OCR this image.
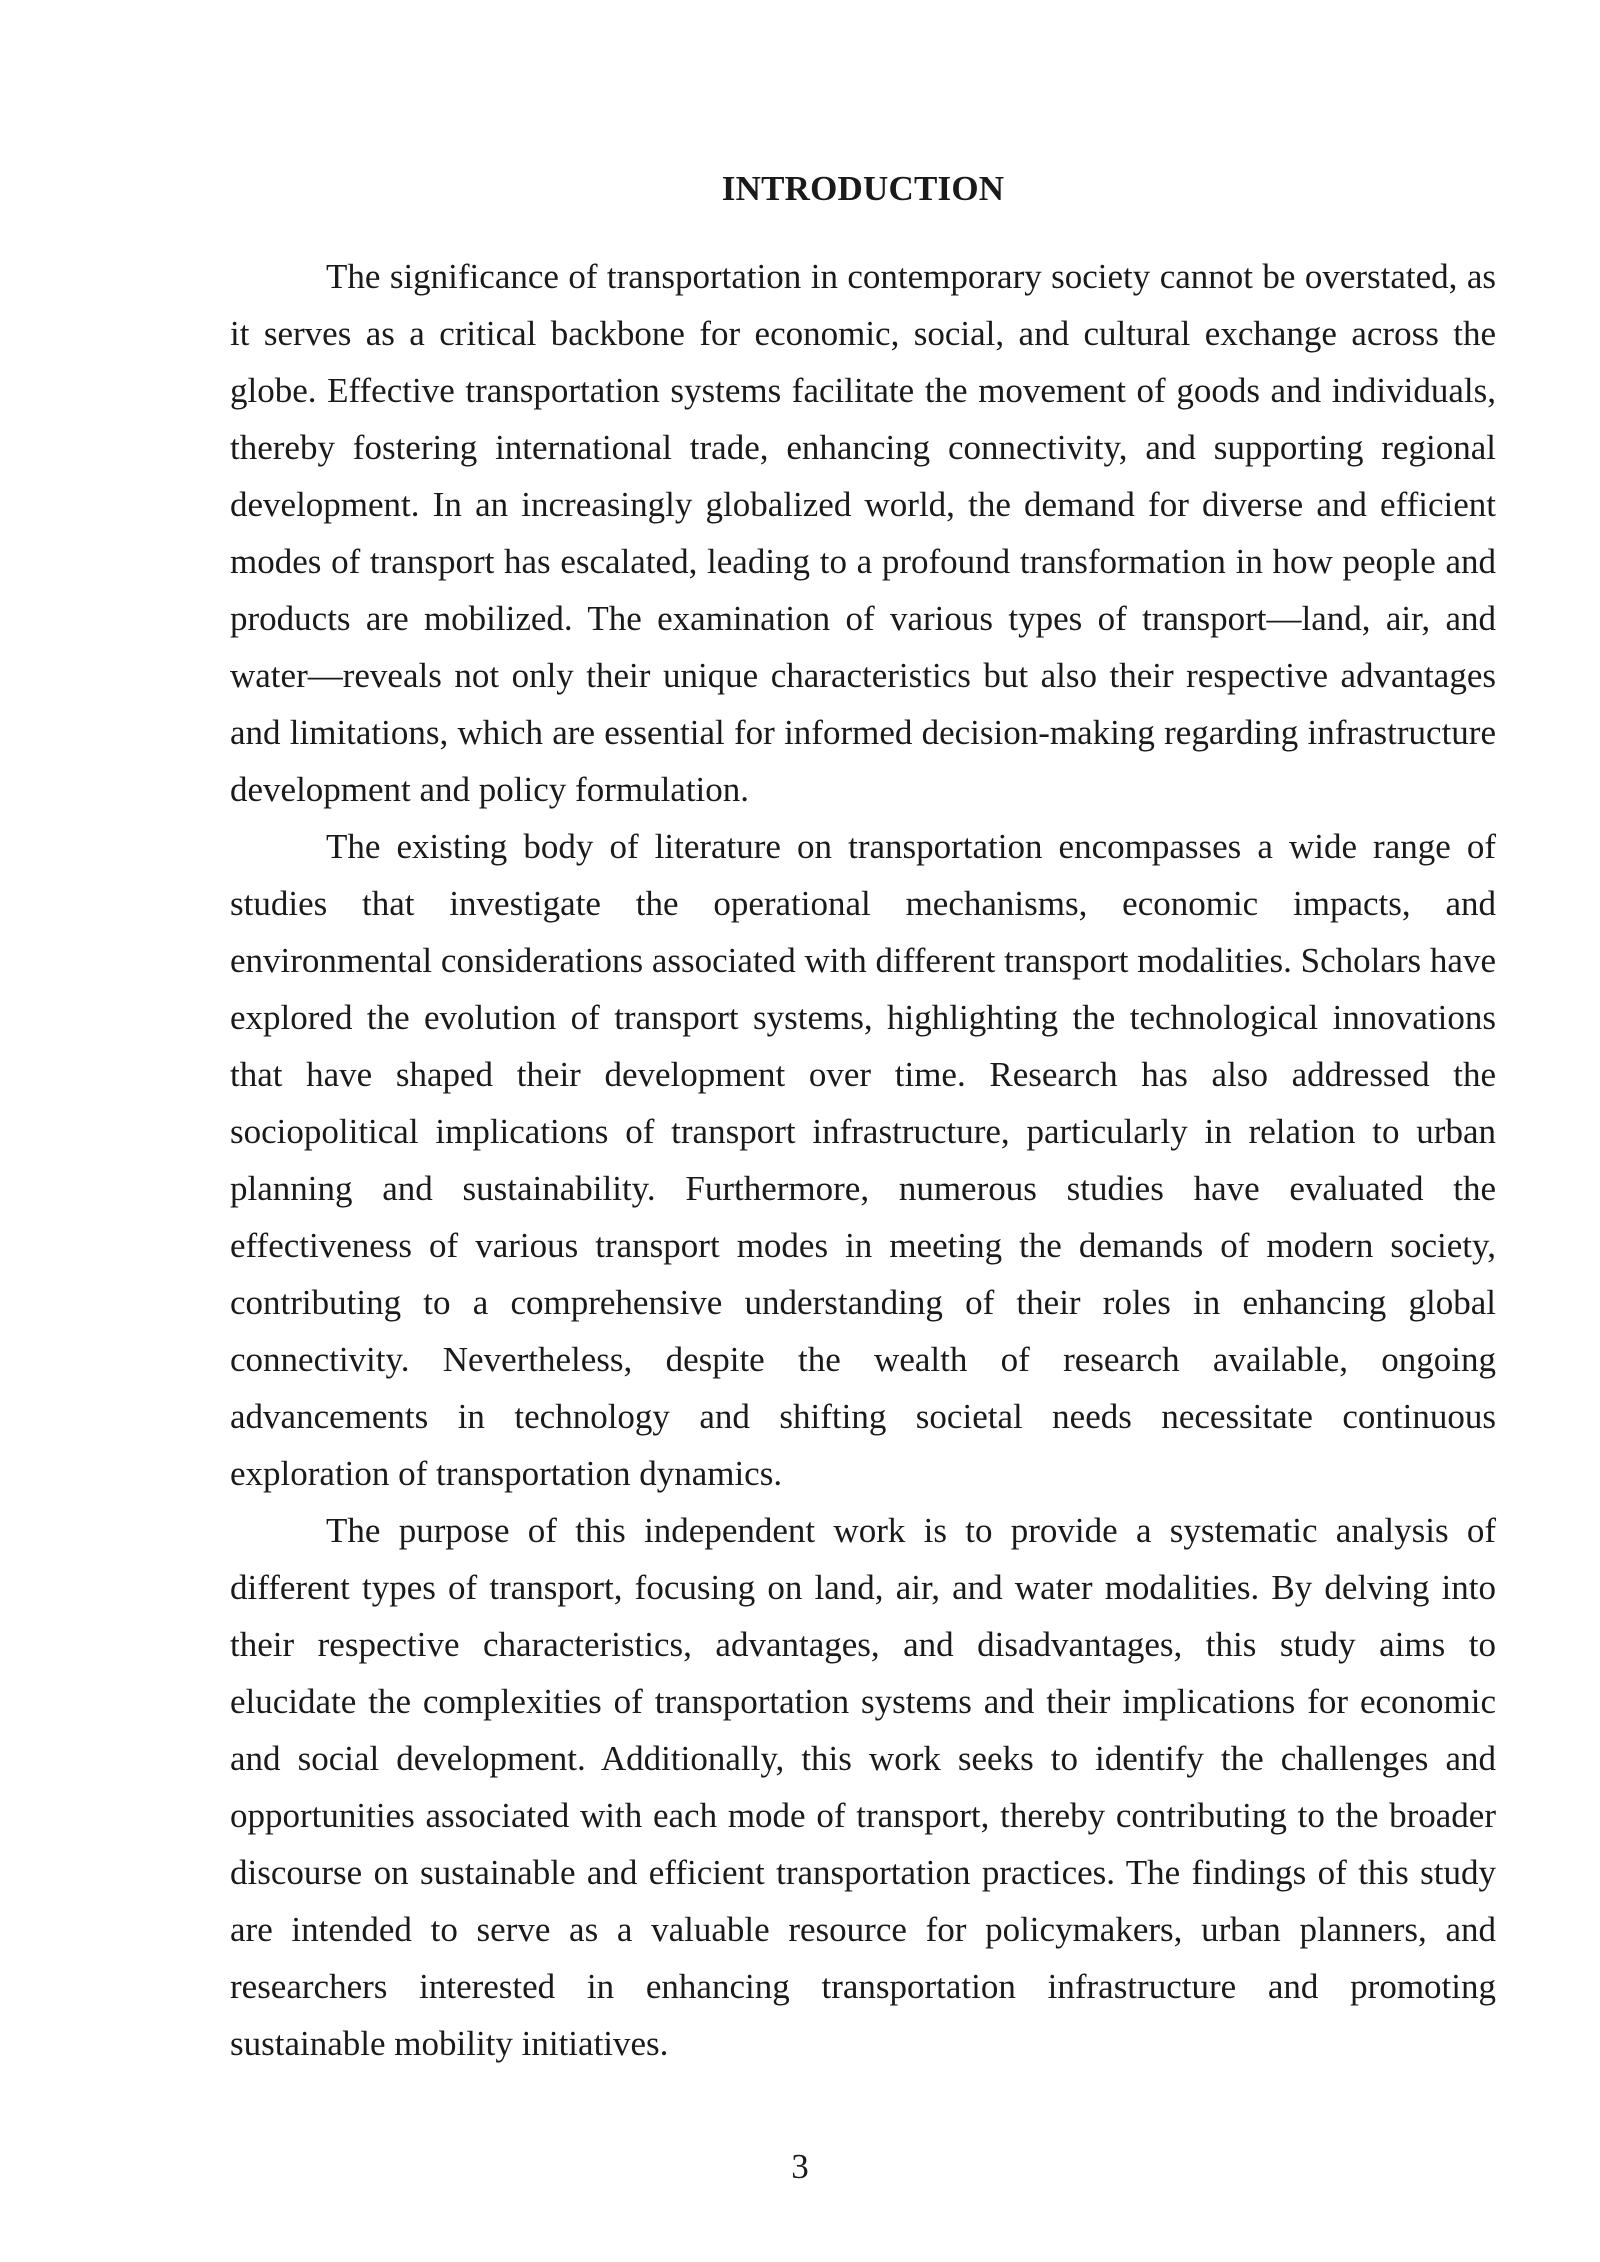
INTRODUCTION

The significance of transportation in contemporary society cannot be overstated, as it serves as a critical backbone for economic, social, and cultural exchange across the globe. Effective transportation systems facilitate the movement of goods and individuals, thereby fostering international trade, enhancing connectivity, and supporting regional development. In an increasingly globalized world, the demand for diverse and efficient modes of transport has escalated, leading to a profound transformation in how people and products are mobilized. The examination of various types of transport—land, air, and water—reveals not only their unique characteristics but also their respective advantages and limitations, which are essential for informed decision-making regarding infrastructure development and policy formulation.

The existing body of literature on transportation encompasses a wide range of studies that investigate the operational mechanisms, economic impacts, and environmental considerations associated with different transport modalities. Scholars have explored the evolution of transport systems, highlighting the technological innovations that have shaped their development over time. Research has also addressed the sociopolitical implications of transport infrastructure, particularly in relation to urban planning and sustainability. Furthermore, numerous studies have evaluated the effectiveness of various transport modes in meeting the demands of modern society, contributing to a comprehensive understanding of their roles in enhancing global connectivity. Nevertheless, despite the wealth of research available, ongoing advancements in technology and shifting societal needs necessitate continuous exploration of transportation dynamics.

The purpose of this independent work is to provide a systematic analysis of different types of transport, focusing on land, air, and water modalities. By delving into their respective characteristics, advantages, and disadvantages, this study aims to elucidate the complexities of transportation systems and their implications for economic and social development. Additionally, this work seeks to identify the challenges and opportunities associated with each mode of transport, thereby contributing to the broader discourse on sustainable and efficient transportation practices. The findings of this study are intended to serve as a valuable resource for policymakers, urban planners, and researchers interested in enhancing transportation infrastructure and promoting sustainable mobility initiatives.

3
